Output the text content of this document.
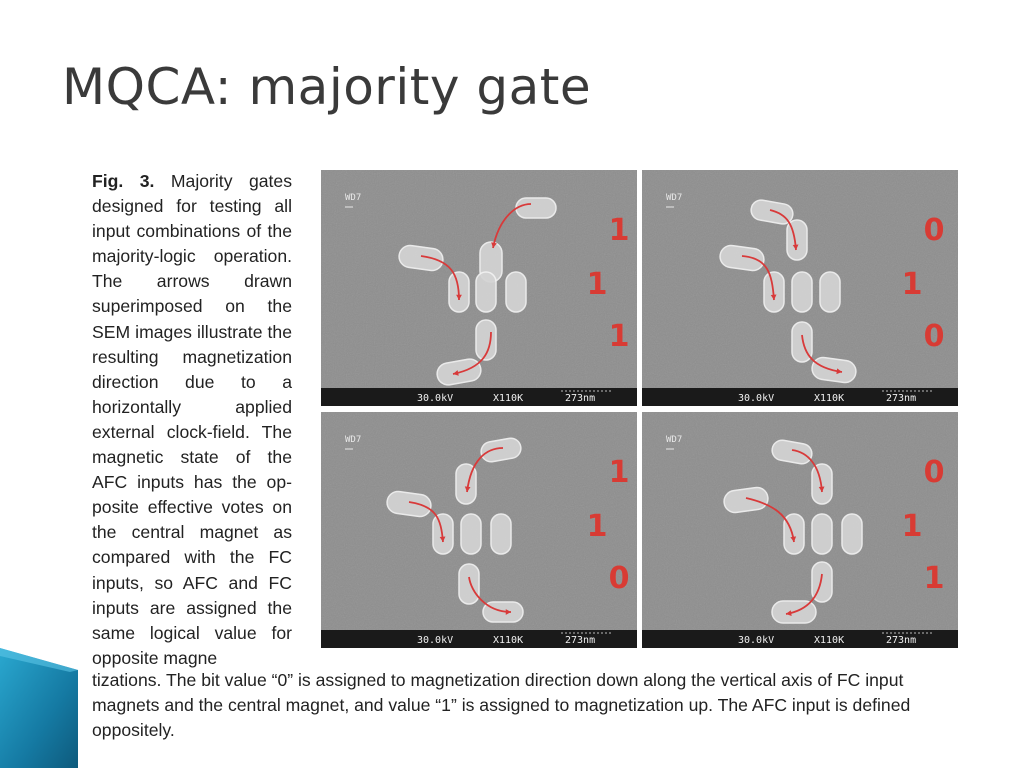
MQCA: majority gate
Fig. 3. Majority gates designed for testing all input combinations of the majority-logic operation. The arrows drawn superimposed on the SEM images illustrate the resulting magnetization direction due to a horizontally applied external clock-field. The magnetic state of the AFC inputs has the opposite effective votes on the central magnet as compared with the FC inputs, so AFC and FC inputs are assigned the same logical value for opposite magne
tizations. The bit value “0” is assigned to magnetization direction down along the vertical axis of FC input magnets and the central magnet, and value “1” is assigned to magnetization up. The AFC input is defined oppositely.
WD7
1
1
1
30.0kV	X110K	273nm
WD7
0
1
0
30.0kV	X110K	273nm
WD7
1
1
0
30.0kV	X110K	273nm
WD7
0
1
1
30.0kV	X110K	273nm
